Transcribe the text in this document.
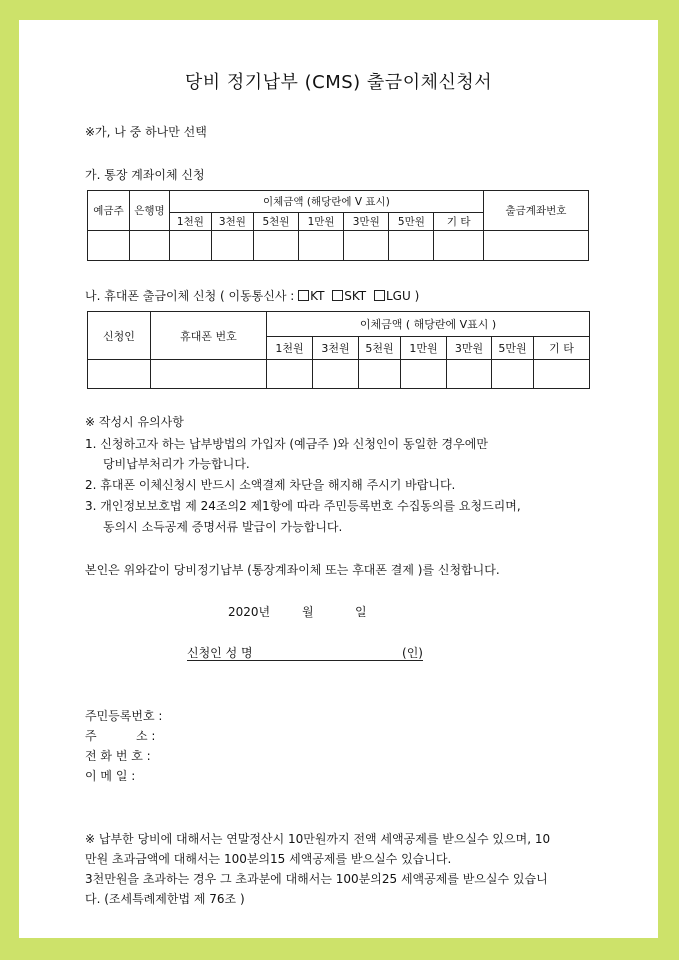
당비 정기납부 (CMS) 출금이체신청서
※가, 나 중 하나만 선택
가. 통장 계좌이체 신청
예금주	은행명	이체금액 (해당란에 V 표시)							출금계좌번호
		1천원	3천원	5천원	1만원	3만원	5만원	기 타	

나. 휴대폰 출금이체 신청 ( 이동통신사 : KT SKT LGU )
신청인	휴대폰 번호	이체금액 ( 해당란에 V표시 )						
		1천원	3천원	5천원	1만원	3만원	5만원	기 타

※ 작성시 유의사항
1. 신청하고자 하는 납부방법의 가입자 (예금주 )와 신청인이 동일한 경우에만
당비납부처리가 가능합니다.
2. 휴대폰 이체신청시 반드시 소액결제 차단을 해지해 주시기 바랍니다.
3. 개인정보보호법 제 24조의2 제1항에 따라 주민등록번호 수집동의를 요청드리며,
동의시 소득공제 증명서류 발급이 가능합니다.
본인은 위와같이 당비정기납부 (통장계좌이체 또는 후대폰 결제 )를 신청합니다.
2020년	월	일
신청인 성 명	(인)
주민등록번호 :
주	소 :
전 화 번 호 :
이 메 일 :
※ 납부한 당비에 대해서는 연말정산시 10만원까지 전액 세액공제를 받으실수 있으며, 10
만원 초과금액에 대해서는 100분의15 세액공제를 받으실수 있습니다.
3천만원을 초과하는 경우 그 초과분에 대해서는 100분의25 세액공제를 받으실수 있습니
다. (조세특례제한법 제 76조 )
